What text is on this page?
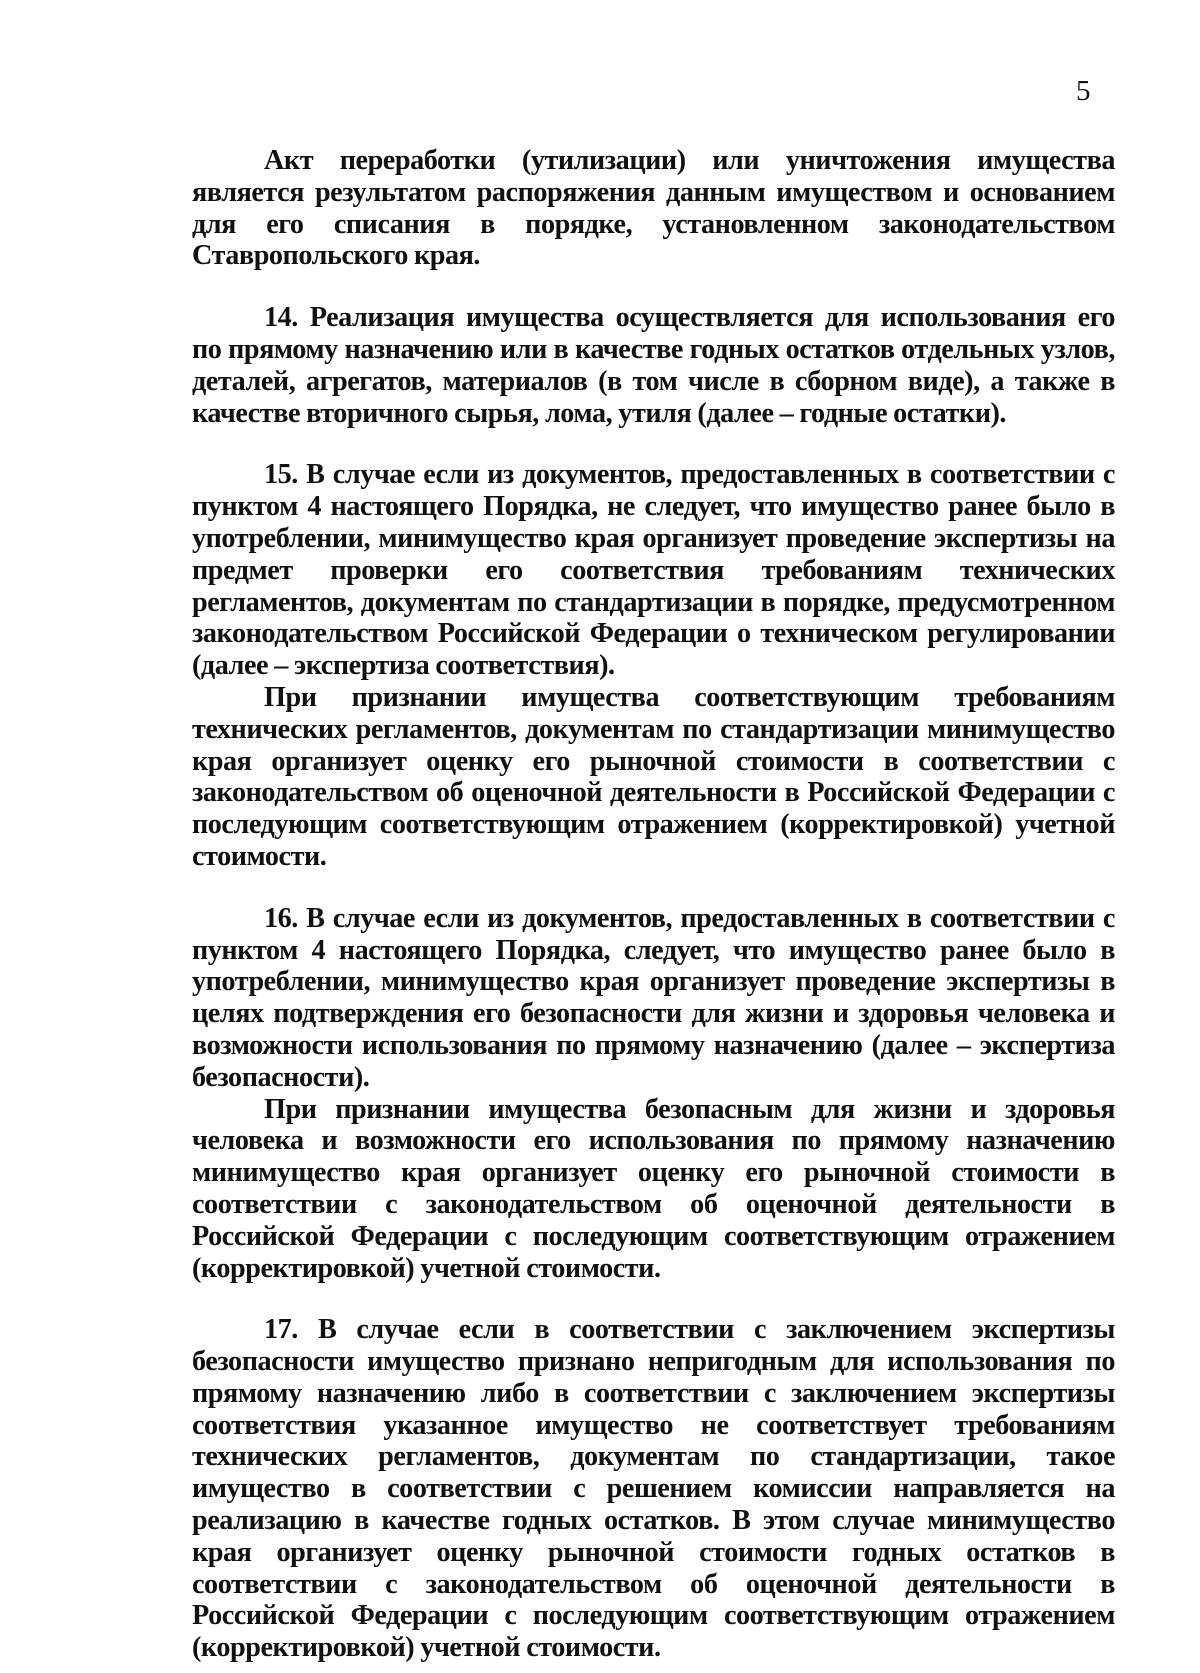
5

Акт переработки (утилизации) или уничтожения имущества является результатом распоряжения данным имуществом и основанием для его списания в порядке, установленном законодательством Ставропольского края.

14. Реализация имущества осуществляется для использования его по прямому назначению или в качестве годных остатков отдельных узлов, деталей, агрегатов, материалов (в том числе в сборном виде), а также в качестве вторичного сырья, лома, утиля (далее – годные остатки).

15. В случае если из документов, предоставленных в соответствии с пунктом 4 настоящего Порядка, не следует, что имущество ранее было в употреблении, минимущество края организует проведение экспертизы на предмет проверки его соответствия требованиям технических регламентов, документам по стандартизации в порядке, предусмотренном законодательством Российской Федерации о техническом регулировании (далее – экспертиза соответствия).

При признании имущества соответствующим требованиям технических регламентов, документам по стандартизации минимущество края организует оценку его рыночной стоимости в соответствии с законодательством об оценочной деятельности в Российской Федерации с последующим соответствующим отражением (корректировкой) учетной стоимости.

16. В случае если из документов, предоставленных в соответствии с пунктом 4 настоящего Порядка, следует, что имущество ранее было в употреблении, минимущество края организует проведение экспертизы в целях подтверждения его безопасности для жизни и здоровья человека и возможности использования по прямому назначению (далее – экспертиза безопасности).

При признании имущества безопасным для жизни и здоровья человека и возможности его использования по прямому назначению минимущество края организует оценку его рыночной стоимости в соответствии с законодательством об оценочной деятельности в Российской Федерации с последующим соответствующим отражением (корректировкой) учетной стоимости.

17. В случае если в соответствии с заключением экспертизы безопасности имущество признано непригодным для использования по прямому назначению либо в соответствии с заключением экспертизы соответствия указанное имущество не соответствует требованиям технических регламентов, документам по стандартизации, такое имущество в соответствии с решением комиссии направляется на реализацию в качестве годных остатков. В этом случае минимущество края организует оценку рыночной стоимости годных остатков в соответствии с законодательством об оценочной деятельности в Российской Федерации с последующим соответствующим отражением (корректировкой) учетной стоимости.
